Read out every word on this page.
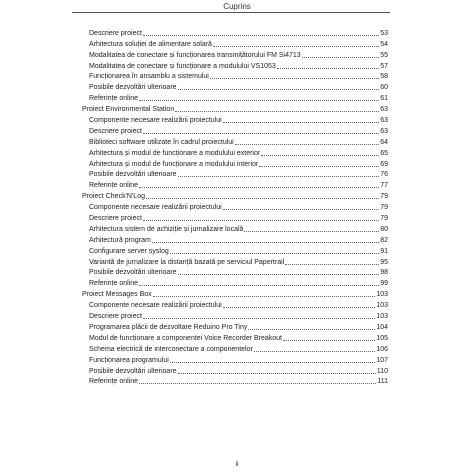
Cuprins
Descriere proiect	53
Arhitectura soluției de alimentare solară	54
Modalitatea de conectare și funcționarea transmițătorului FM Si4713	55
Modalitatea de conectare și funcționare a modulului VS1053	57
Funcționarea în ansamblu a sistemului	58
Posibile dezvoltări ulterioare	60
Referințe online	61
Proiect Environmental Station	63
Componente necesare realizării proiectului	63
Descriere proiect	63
Biblioteci software utilizate în cadrul proiectului	64
Arhitectura și modul de funcționare a modulului exterior	65
Arhitectura și modul de funcționare a modulului interior	69
Posibile dezvoltări ulterioare	76
Referințe online	77
Proiect Check'N'Log	79
Componente necesare realizării proiectului	79
Descriere proiect	79
Arhitectura sistem de achiziție și jurnalizare locală	80
Arhitectură program	82
Configurare server syslog	91
Variantă de jurnalizare la distanță bazată pe serviciul Papertrail	95
Posibile dezvoltări ulterioare	98
Referințe online	99
Proiect Messages Box	103
Componente necesare realizării proiectului	103
Descriere proiect	103
Programarea plăcii de dezvoltare Reduino Pro Tiny	104
Modul de funcționare a componentei Voice Recorder Breakout	105
Schema electrică de interconectare a componentelor	106
Funcționarea programului	107
Posibile dezvoltări ulterioare	110
Referințe online	111
ii
